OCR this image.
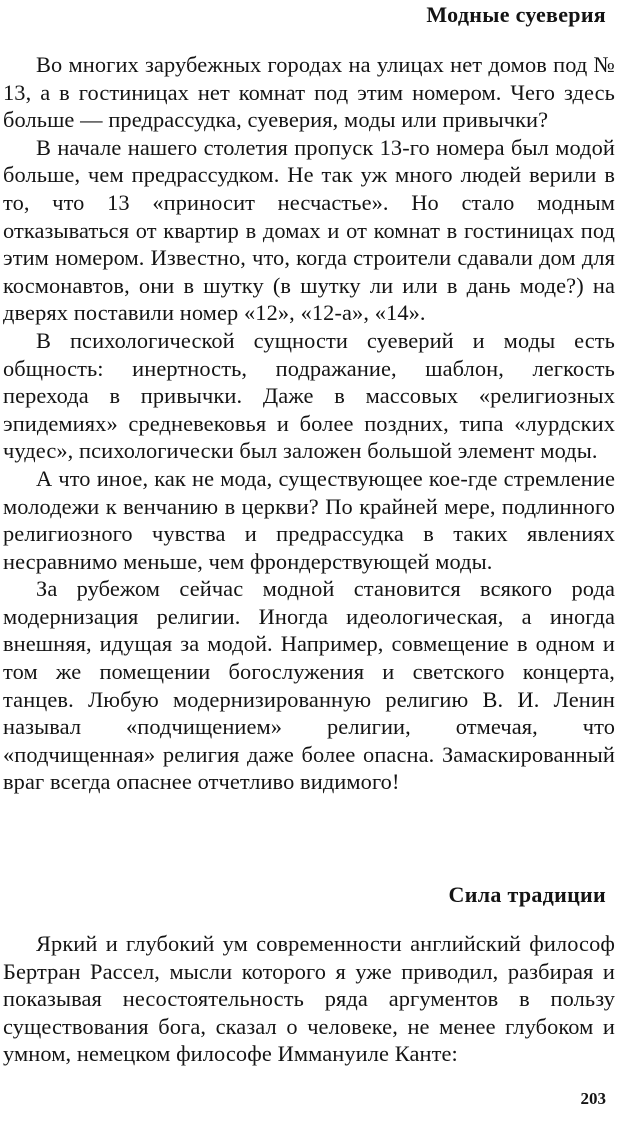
Модные суеверия

Во многих зарубежных городах на улицах нет домов под № 13, а в гостиницах нет комнат под этим номером. Чего здесь больше — предрассудка, суеверия, моды или привычки?

В начале нашего столетия пропуск 13-го номера был модой больше, чем предрассудком. Не так уж много людей верили в то, что 13 «приносит несчастье». Но стало модным отказываться от квартир в домах и от комнат в гостиницах под этим номером. Известно, что, когда строители сдавали дом для космонавтов, они в шутку (в шутку ли или в дань моде?) на дверях поставили номер «12», «12-а», «14».

В психологической сущности суеверий и моды есть общность: инертность, подражание, шаблон, легкость перехода в привычки. Даже в массовых «религиозных эпидемиях» средневековья и более поздних, типа «лурдских чудес», психологически был заложен большой элемент моды.

А что иное, как не мода, существующее кое-где стремление молодежи к венчанию в церкви? По крайней мере, подлинного религиозного чувства и предрассудка в таких явлениях несравнимо меньше, чем фрондерствующей моды.

За рубежом сейчас модной становится всякого рода модернизация религии. Иногда идеологическая, а иногда внешняя, идущая за модой. Например, совмещение в одном и том же помещении богослужения и светского концерта, танцев. Любую модернизированную религию В. И. Ленин называл «подчищением» религии, отмечая, что «подчищенная» религия даже более опасна. Замаскированный враг всегда опаснее отчетливо видимого!

Сила традиции

Яркий и глубокий ум современности английский философ Бертран Рассел, мысли которого я уже приводил, разбирая и показывая несостоятельность ряда аргументов в пользу существования бога, сказал о человеке, не менее глубоком и умном, немецком философе Иммануиле Канте:

203
